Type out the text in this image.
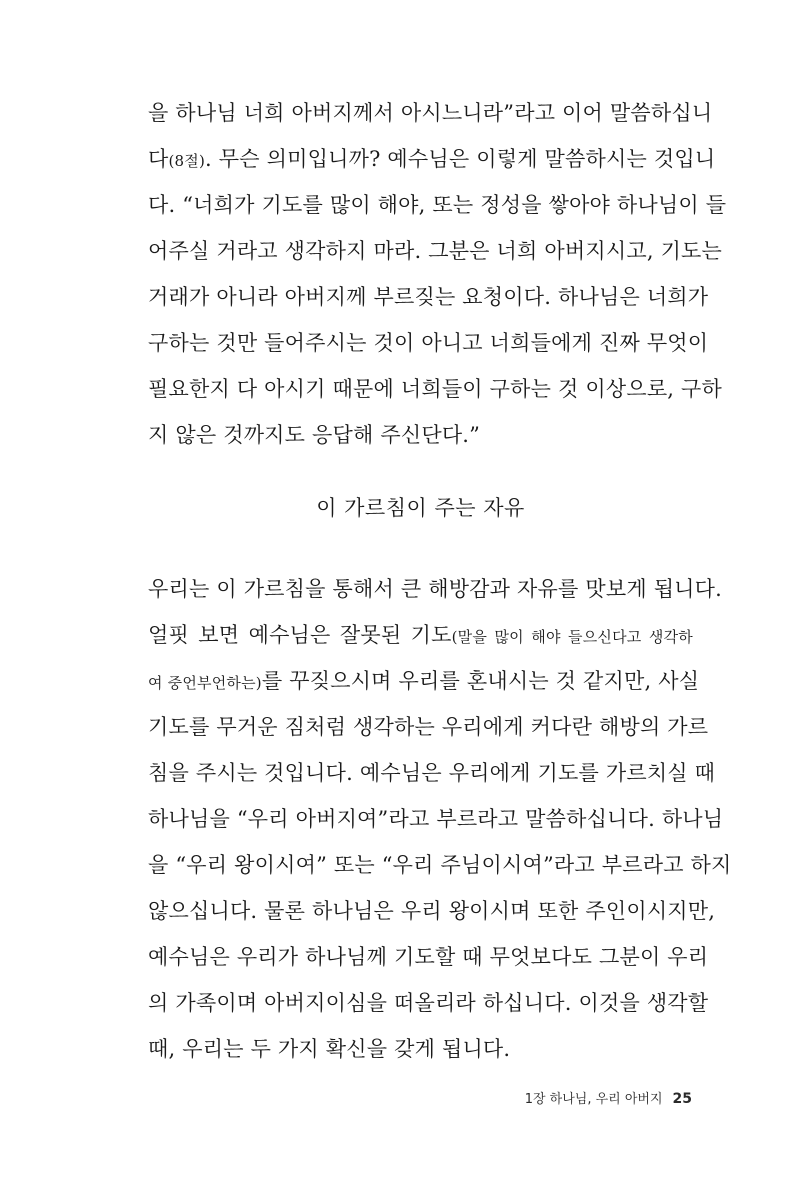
을 하나님 너희 아버지께서 아시느니라”라고 이어 말씀하십니
다(8절). 무슨 의미입니까? 예수님은 이렇게 말씀하시는 것입니
다. “너희가 기도를 많이 해야, 또는 정성을 쌓아야 하나님이 들
어주실 거라고 생각하지 마라. 그분은 너희 아버지시고, 기도는
거래가 아니라 아버지께 부르짖는 요청이다. 하나님은 너희가
구하는 것만 들어주시는 것이 아니고 너희들에게 진짜 무엇이
필요한지 다 아시기 때문에 너희들이 구하는 것 이상으로, 구하
지 않은 것까지도 응답해 주신단다.”
이 가르침이 주는 자유
우리는 이 가르침을 통해서 큰 해방감과 자유를 맛보게 됩니다.
얼핏 보면 예수님은 잘못된 기도(말을 많이 해야 들으신다고 생각하
여 중언부언하는)를 꾸짖으시며 우리를 혼내시는 것 같지만, 사실
기도를 무거운 짐처럼 생각하는 우리에게 커다란 해방의 가르
침을 주시는 것입니다. 예수님은 우리에게 기도를 가르치실 때
하나님을 “우리 아버지여”라고 부르라고 말씀하십니다. 하나님
을 “우리 왕이시여” 또는 “우리 주님이시여”라고 부르라고 하지
않으십니다. 물론 하나님은 우리 왕이시며 또한 주인이시지만,
예수님은 우리가 하나님께 기도할 때 무엇보다도 그분이 우리
의 가족이며 아버지이심을 떠올리라 하십니다. 이것을 생각할
때, 우리는 두 가지 확신을 갖게 됩니다.
1장 하나님, 우리 아버지 25
